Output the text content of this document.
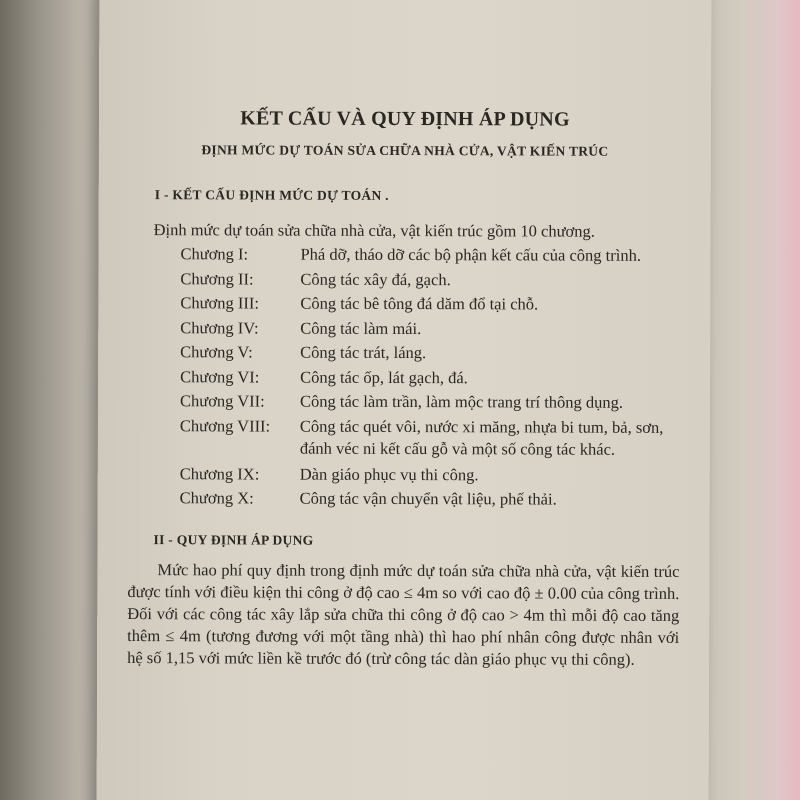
KẾT CẤU VÀ QUY ĐỊNH ÁP DỤNG
ĐỊNH MỨC DỰ TOÁN SỬA CHỮA NHÀ CỬA, VẬT KIẾN TRÚC
I - KẾT CẤU ĐỊNH MỨC DỰ TOÁN .
Định mức dự toán sửa chữa nhà cửa, vật kiến trúc gồm 10 chương.
Chương I:	Phá dỡ, tháo dỡ các bộ phận kết cấu của công trình.
Chương II:	Công tác xây đá, gạch.
Chương III:	Công tác bê tông đá dăm đổ tại chỗ.
Chương IV:	Công tác làm mái.
Chương V:	Công tác trát, láng.
Chương VI:	Công tác ốp, lát gạch, đá.
Chương VII:	Công tác làm trần, làm mộc trang trí thông dụng.
Chương VIII:	Công tác quét vôi, nước xi măng, nhựa bi tum, bả, sơn, đánh véc ni kết cấu gỗ và một số công tác khác.
Chương IX:	Dàn giáo phục vụ thi công.
Chương X:	Công tác vận chuyển vật liệu, phế thải.
II - QUY ĐỊNH ÁP DỤNG
Mức hao phí quy định trong định mức dự toán sửa chữa nhà cửa, vật kiến trúc được tính với điều kiện thi công ở độ cao ≤ 4m so với cao độ ± 0.00 của công trình. Đối với các công tác xây lắp sửa chữa thi công ở độ cao > 4m thì mỗi độ cao tăng thêm ≤ 4m (tương đương với một tầng nhà) thì hao phí nhân công được nhân với hệ số 1,15 với mức liền kề trước đó (trừ công tác dàn giáo phục vụ thi công).
